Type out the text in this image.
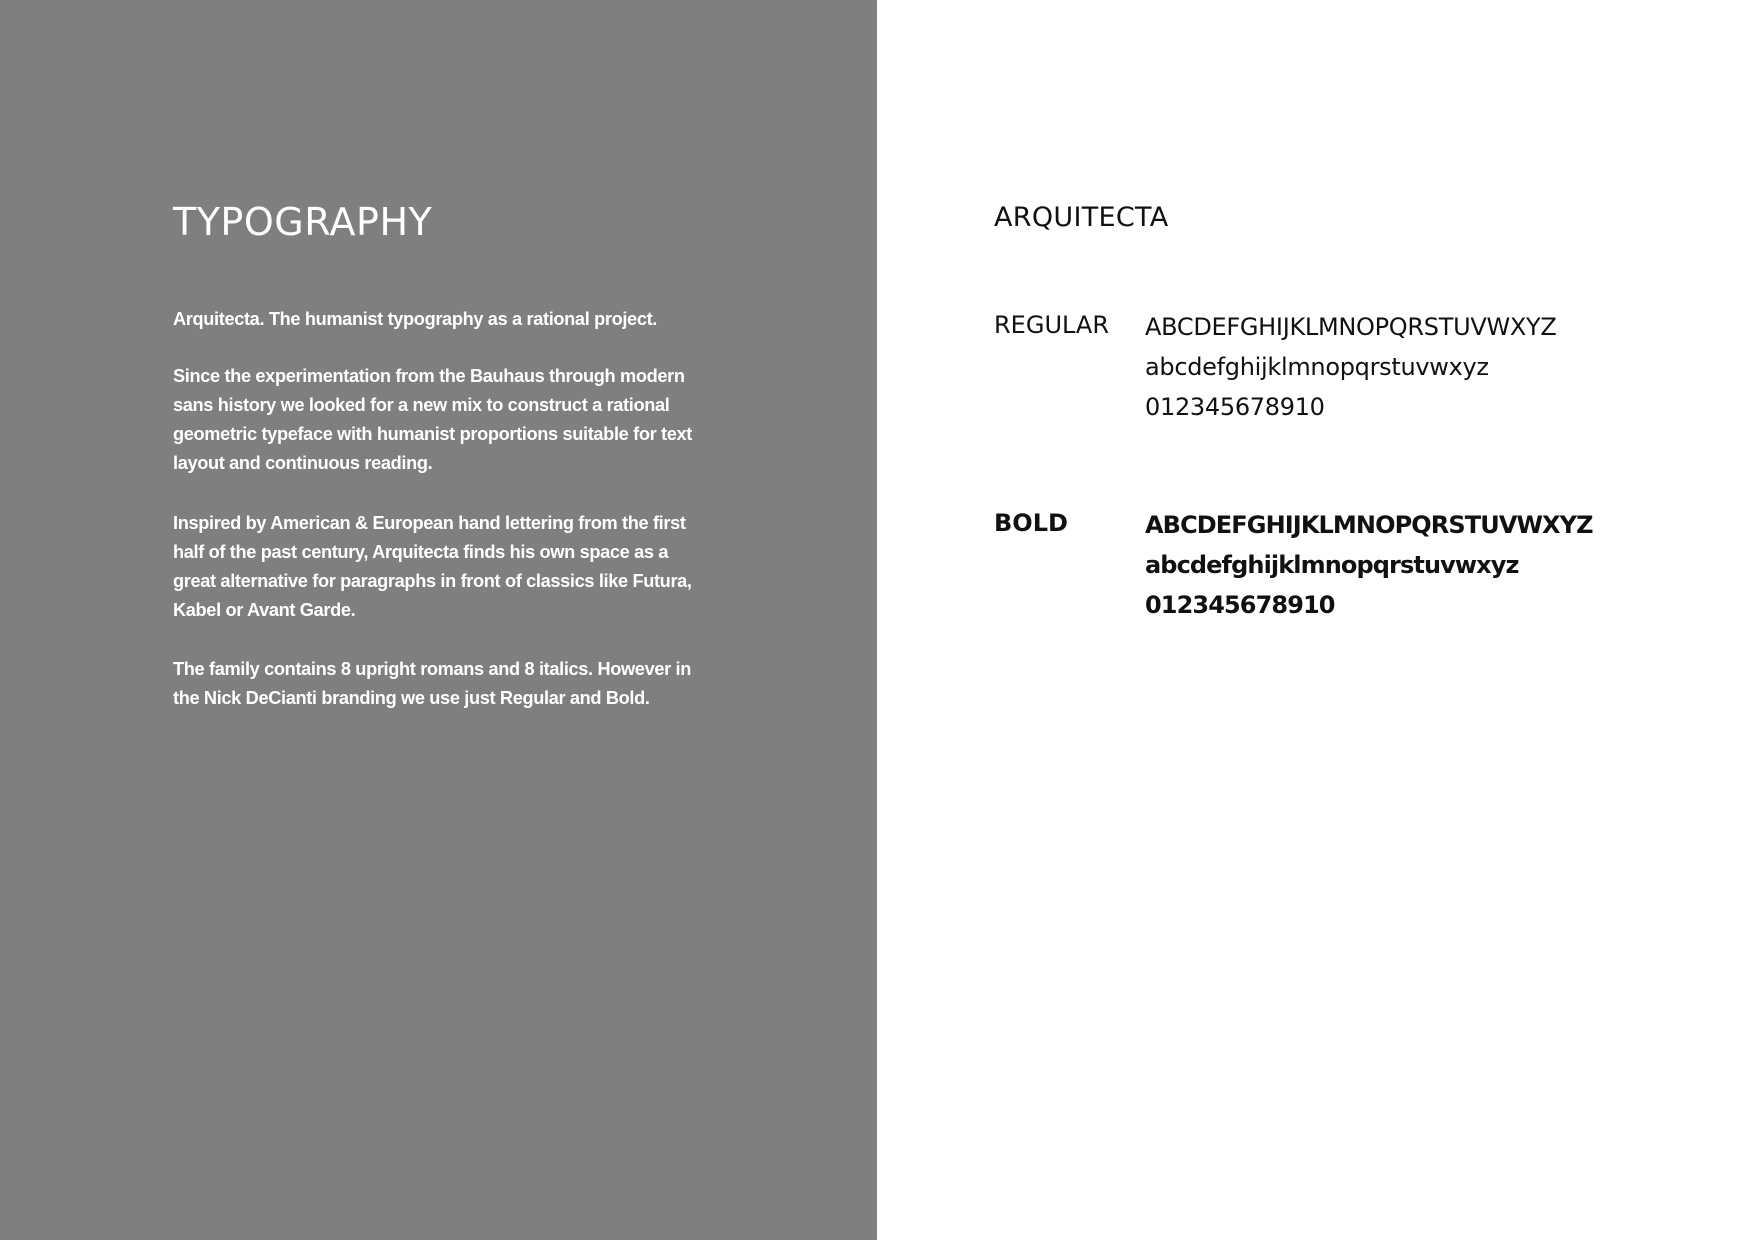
TYPOGRAPHY

Arquitecta. The humanist typography as a rational project.

Since the experimentation from the Bauhaus through modern sans history we looked for a new mix to construct a rational geometric typeface with humanist proportions suitable for text layout and continuous reading.

Inspired by American & European hand lettering from the first half of the past century, Arquitecta finds his own space as a great alternative for paragraphs in front of classics like Futura, Kabel or Avant Garde.

The family contains 8 upright romans and 8 italics. However in the Nick DeCianti branding we use just Regular and Bold.

ARQUITECTA
REGULAR ABCDEFGHIJKLMNOPQRSTUVWXYZ
abcdefghijklmnopqrstuvwxyz
012345678910
BOLD	ABCDEFGHIJKLMNOPQRSTUVWXYZ
abcdefghijklmnopqrstuvwxyz
012345678910
